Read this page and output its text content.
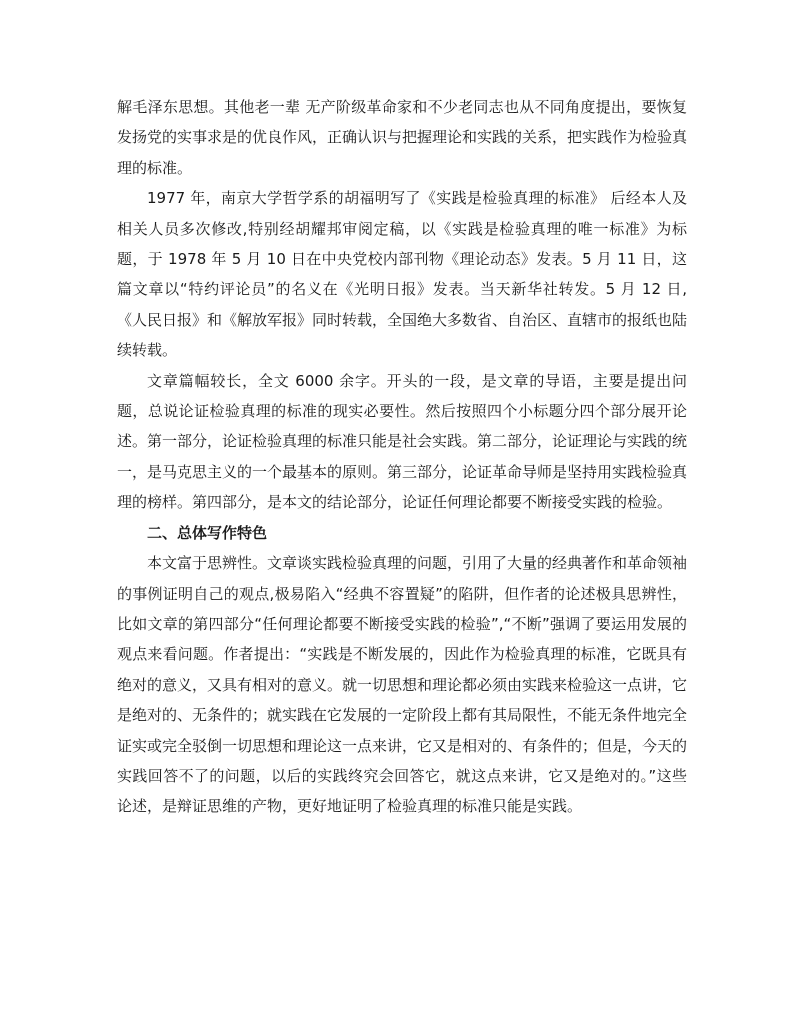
解毛泽东思想。其他老一辈 无产阶级革命家和不少老同志也从不同角度提出，要恢复发扬党的实事求是的优良作风，正确认识与把握理论和实践的关系，把实践作为检验真理的标准。

1977 年，南京大学哲学系的胡福明写了《实践是检验真理的标准》 后经本人及相关人员多次修改,特别经胡耀邦审阅定稿，以《实践是检验真理的唯一标准》为标题，于 1978 年 5 月 10 日在中央党校内部刊物《理论动态》发表。5 月 11 日，这篇文章以“特约评论员”的名义在《光明日报》发表。当天新华社转发。5 月 12 日,《人民日报》和《解放军报》同时转载，全国绝大多数省、自治区、直辖市的报纸也陆续转载。

文章篇幅较长，全文 6000 余字。开头的一段，是文章的导语，主要是提出问题，总说论证检验真理的标准的现实必要性。然后按照四个小标题分四个部分展开论述。第一部分，论证检验真理的标准只能是社会实践。第二部分，论证理论与实践的统一，是马克思主义的一个最基本的原则。第三部分，论证革命导师是坚持用实践检验真理的榜样。第四部分，是本文的结论部分，论证任何理论都要不断接受实践的检验。

二、总体写作特色

本文富于思辨性。文章谈实践检验真理的问题，引用了大量的经典著作和革命领袖的事例证明自己的观点,极易陷入“经典不容置疑”的陷阱，但作者的论述极具思辨性，比如文章的第四部分“任何理论都要不断接受实践的检验”,“不断”强调了要运用发展的观点来看问题。作者提出：“实践是不断发展的，因此作为检验真理的标准，它既具有绝对的意义，又具有相对的意义。就一切思想和理论都必须由实践来检验这一点讲，它是绝对的、无条件的；就实践在它发展的一定阶段上都有其局限性，不能无条件地完全证实或完全驳倒一切思想和理论这一点来讲，它又是相对的、有条件的；但是，今天的实践回答不了的问题，以后的实践终究会回答它，就这点来讲，它又是绝对的。”这些论述，是辩证思维的产物，更好地证明了检验真理的标准只能是实践。
